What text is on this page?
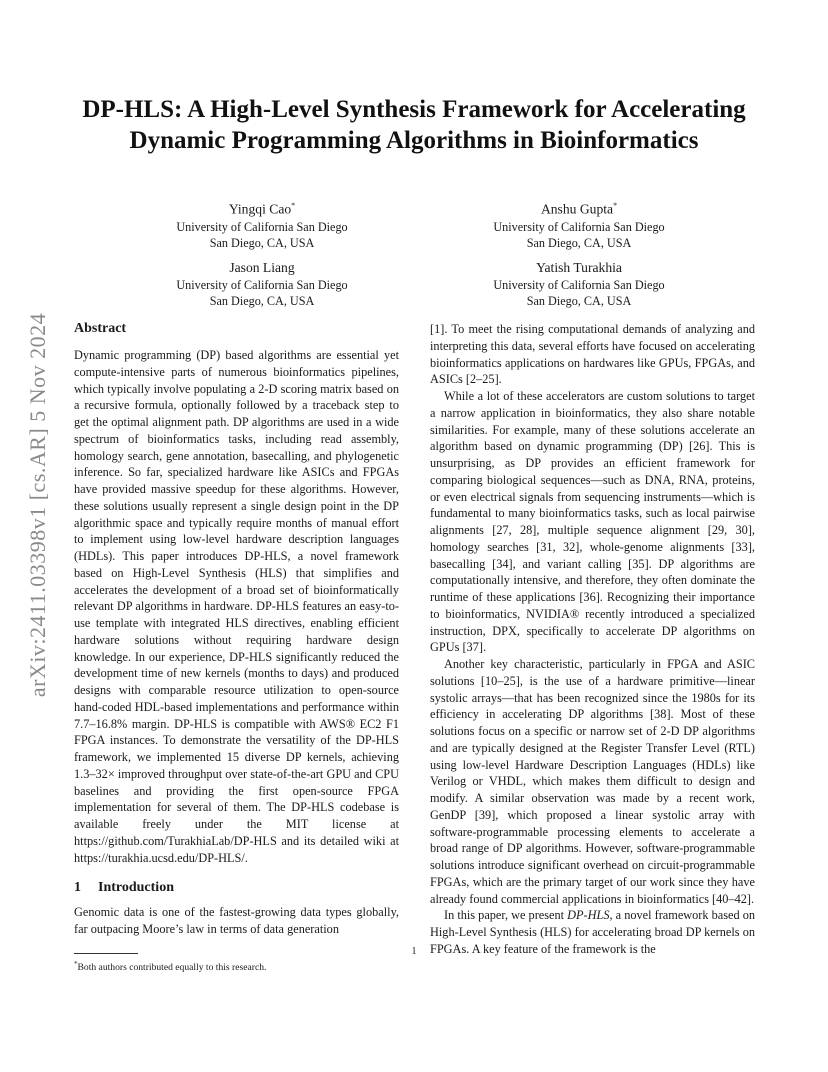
arXiv:2411.03398v1 [cs.AR] 5 Nov 2024
DP-HLS: A High-Level Synthesis Framework for Accelerating Dynamic Programming Algorithms in Bioinformatics
Yingqi Cao*
University of California San Diego
San Diego, CA, USA
Anshu Gupta*
University of California San Diego
San Diego, CA, USA
Jason Liang
University of California San Diego
San Diego, CA, USA
Yatish Turakhia
University of California San Diego
San Diego, CA, USA
Abstract

Dynamic programming (DP) based algorithms are essential yet compute-intensive parts of numerous bioinformatics pipelines, which typically involve populating a 2-D scoring matrix based on a recursive formula, optionally followed by a traceback step to get the optimal alignment path. DP algorithms are used in a wide spectrum of bioinformatics tasks, including read assembly, homology search, gene annotation, basecalling, and phylogenetic inference. So far, specialized hardware like ASICs and FPGAs have provided massive speedup for these algorithms. However, these solutions usually represent a single design point in the DP algorithmic space and typically require months of manual effort to implement using low-level hardware description languages (HDLs). This paper introduces DP-HLS, a novel framework based on High-Level Synthesis (HLS) that simplifies and accelerates the development of a broad set of bioinformatically relevant DP algorithms in hardware. DP-HLS features an easy-to-use template with integrated HLS directives, enabling efficient hardware solutions without requiring hardware design knowledge. In our experience, DP-HLS significantly reduced the development time of new kernels (months to days) and produced designs with comparable resource utilization to open-source hand-coded HDL-based implementations and performance within 7.7–16.8% margin. DP-HLS is compatible with AWS® EC2 F1 FPGA instances. To demonstrate the versatility of the DP-HLS framework, we implemented 15 diverse DP kernels, achieving 1.3–32× improved throughput over state-of-the-art GPU and CPU baselines and providing the first open-source FPGA implementation for several of them. The DP-HLS codebase is available freely under the MIT license at https://github.com/TurakhiaLab/DP-HLS and its detailed wiki at https://turakhia.ucsd.edu/DP-HLS/.

1 Introduction

Genomic data is one of the fastest-growing data types globally, far outpacing Moore’s law in terms of data generation

[1]. To meet the rising computational demands of analyzing and interpreting this data, several efforts have focused on accelerating bioinformatics applications on hardwares like GPUs, FPGAs, and ASICs [2–25].

While a lot of these accelerators are custom solutions to target a narrow application in bioinformatics, they also share notable similarities. For example, many of these solutions accelerate an algorithm based on dynamic programming (DP) [26]. This is unsurprising, as DP provides an efficient framework for comparing biological sequences—such as DNA, RNA, proteins, or even electrical signals from sequencing instruments—which is fundamental to many bioinformatics tasks, such as local pairwise alignments [27, 28], multiple sequence alignment [29, 30], homology searches [31, 32], whole-genome alignments [33], basecalling [34], and variant calling [35]. DP algorithms are computationally intensive, and therefore, they often dominate the runtime of these applications [36]. Recognizing their importance to bioinformatics, NVIDIA® recently introduced a specialized instruction, DPX, specifically to accelerate DP algorithms on GPUs [37].

Another key characteristic, particularly in FPGA and ASIC solutions [10–25], is the use of a hardware primitive—linear systolic arrays—that has been recognized since the 1980s for its efficiency in accelerating DP algorithms [38]. Most of these solutions focus on a specific or narrow set of 2-D DP algorithms and are typically designed at the Register Transfer Level (RTL) using low-level Hardware Description Languages (HDLs) like Verilog or VHDL, which makes them difficult to design and modify. A similar observation was made by a recent work, GenDP [39], which proposed a linear systolic array with software-programmable processing elements to accelerate a broad range of DP algorithms. However, software-programmable solutions introduce significant overhead on circuit-programmable FPGAs, which are the primary target of our work since they have already found commercial applications in bioinformatics [40–42].

In this paper, we present DP-HLS, a novel framework based on High-Level Synthesis (HLS) for accelerating broad DP kernels on FPGAs. A key feature of the framework is the

*Both authors contributed equally to this research.

1
